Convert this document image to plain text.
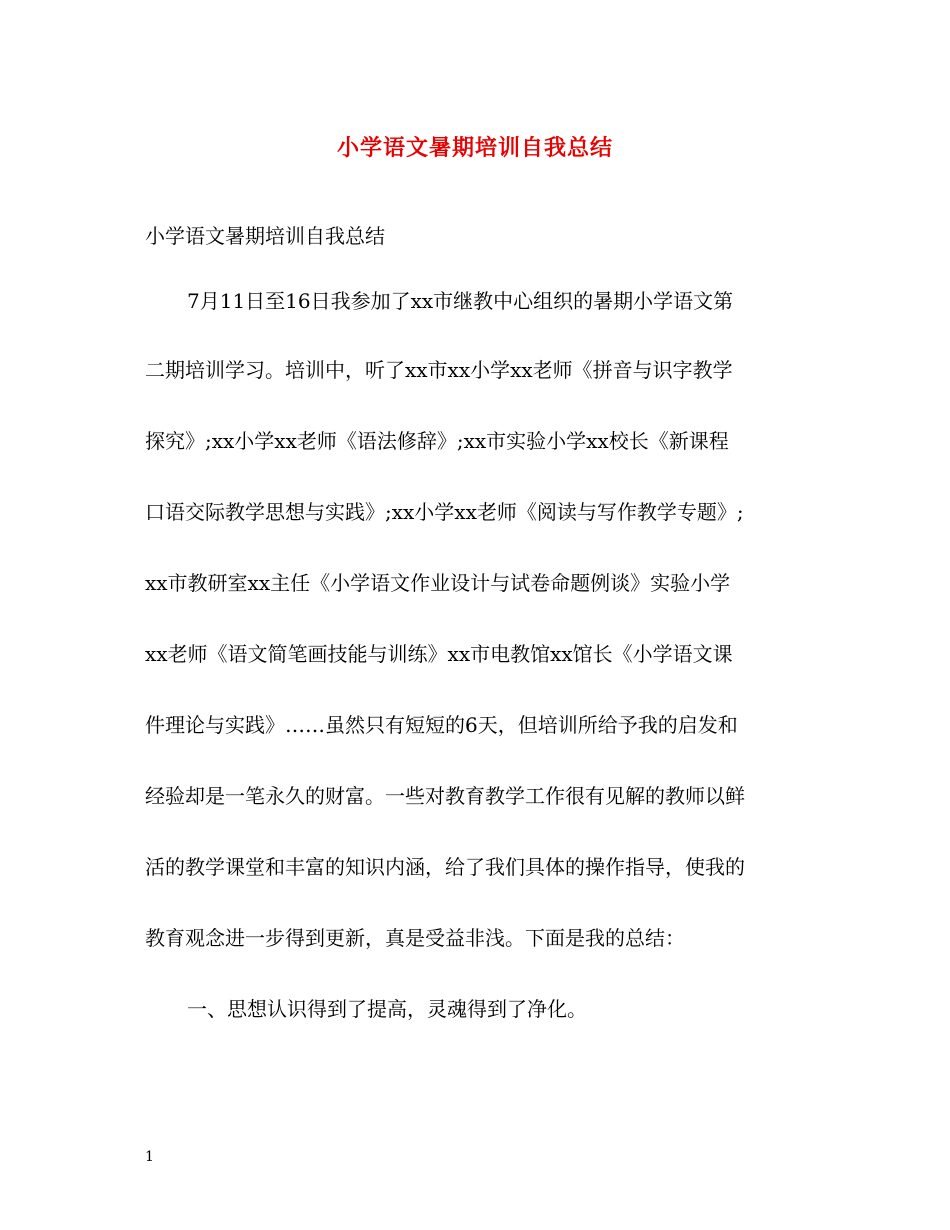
小学语文暑期培训自我总结
小学语文暑期培训自我总结
7月11日至16日我参加了xx市继教中心组织的暑期小学语文第
二期培训学习。培训中，听了xx市xx小学xx老师《拼音与识字教学
探究》;xx小学xx老师《语法修辞》;xx市实验小学xx校长《新课程
口语交际教学思想与实践》;xx小学xx老师《阅读与写作教学专题》;
xx市教研室xx主任《小学语文作业设计与试卷命题例谈》实验小学
xx老师《语文简笔画技能与训练》xx市电教馆xx馆长《小学语文课
件理论与实践》……虽然只有短短的6天，但培训所给予我的启发和
经验却是一笔永久的财富。一些对教育教学工作很有见解的教师以鲜
活的教学课堂和丰富的知识内涵，给了我们具体的操作指导，使我的
教育观念进一步得到更新，真是受益非浅。下面是我的总结：
一、思想认识得到了提高，灵魂得到了净化。
1
